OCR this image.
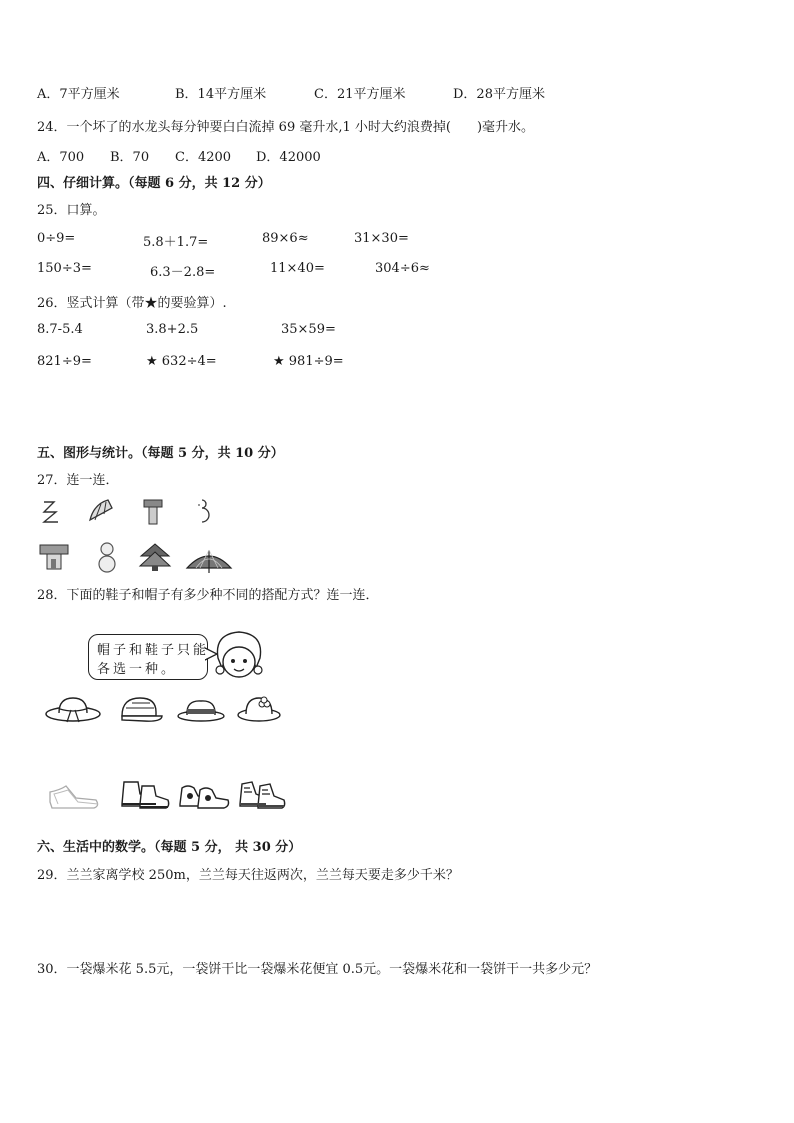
A．7平方厘米	B．14平方厘米	C．21平方厘米	D．28平方厘米
24．一个坏了的水龙头每分钟要白白流掉 69 毫升水,1 小时大约浪费掉(　　)毫升水。
A．700 B．70 C．4200 D．42000
四、仔细计算。（每题 6 分，共 12 分）
25．口算。
0÷9=	5.8＋1.7=	89×6≈	31×30=
150÷3=	6.3－2.8=	11×40=	304÷6≈
26．竖式计算（带★的要验算）.
8.7-5.4	3.8+2.5	35×59=
821÷9=	★ 632÷4=	★ 981÷9=
五、图形与统计。（每题 5 分，共 10 分）
27．连一连．
28．下面的鞋子和帽子有多少种不同的搭配方式？连一连．
帽子和鞋子只能
各选一种。
六、生活中的数学。（每题 5 分， 共 30 分）
29．兰兰家离学校 250m，兰兰每天往返两次，兰兰每天要走多少千米？
30．一袋爆米花 5.5元，一袋饼干比一袋爆米花便宜 0.5元。一袋爆米花和一袋饼干一共多少元？
